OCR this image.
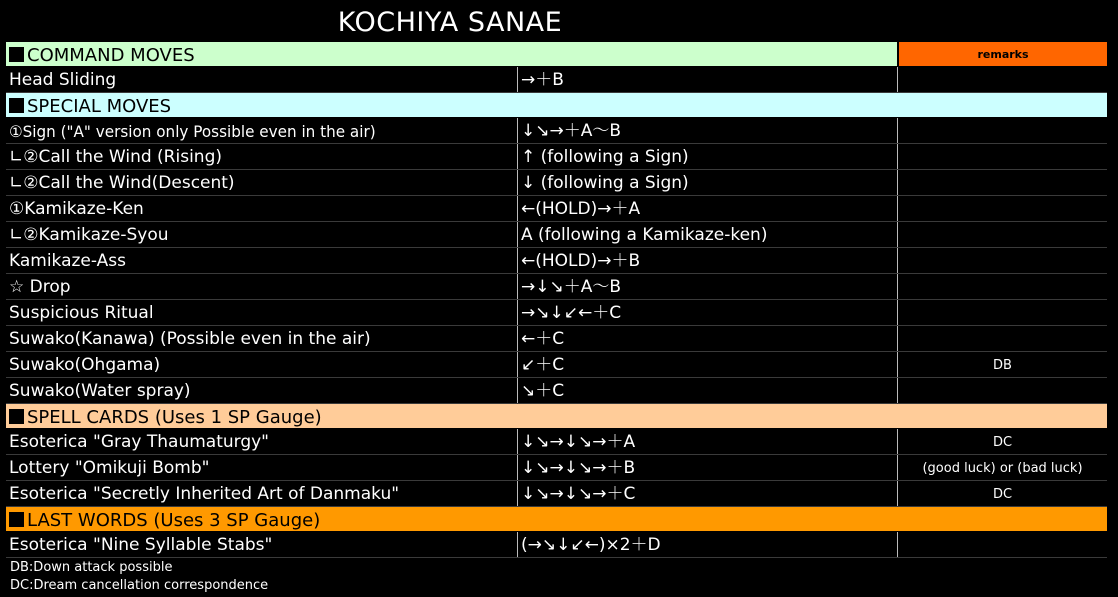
KOCHIYA SANAE
COMMAND MOVES	remarks
Head Sliding	→＋B
SPECIAL MOVES
①Sign ("A" version only Possible even in the air)	↓↘→＋A～B
∟②Call the Wind (Rising)	↑ (following a Sign)
∟②Call the Wind(Descent)	↓ (following a Sign)
①Kamikaze-Ken	←(HOLD)→＋A
∟②Kamikaze-Syou	A (following a Kamikaze-ken)
Kamikaze-Ass	←(HOLD)→＋B
☆ Drop	→↓↘＋A～B
Suspicious Ritual	→↘↓↙←＋C
Suwako(Kanawa) (Possible even in the air)	←＋C
Suwako(Ohgama)	↙＋C	DB
Suwako(Water spray)	↘＋C
SPELL CARDS (Uses 1 SP Gauge)
Esoterica "Gray Thaumaturgy"	↓↘→↓↘→＋A	DC
Lottery "Omikuji Bomb"	↓↘→↓↘→＋B	(good luck) or (bad luck)
Esoterica "Secretly Inherited Art of Danmaku"	↓↘→↓↘→＋C	DC
LAST WORDS (Uses 3 SP Gauge)
Esoterica "Nine Syllable Stabs"	(→↘↓↙←)×2＋D
DB:Down attack possible
DC:Dream cancellation correspondence
